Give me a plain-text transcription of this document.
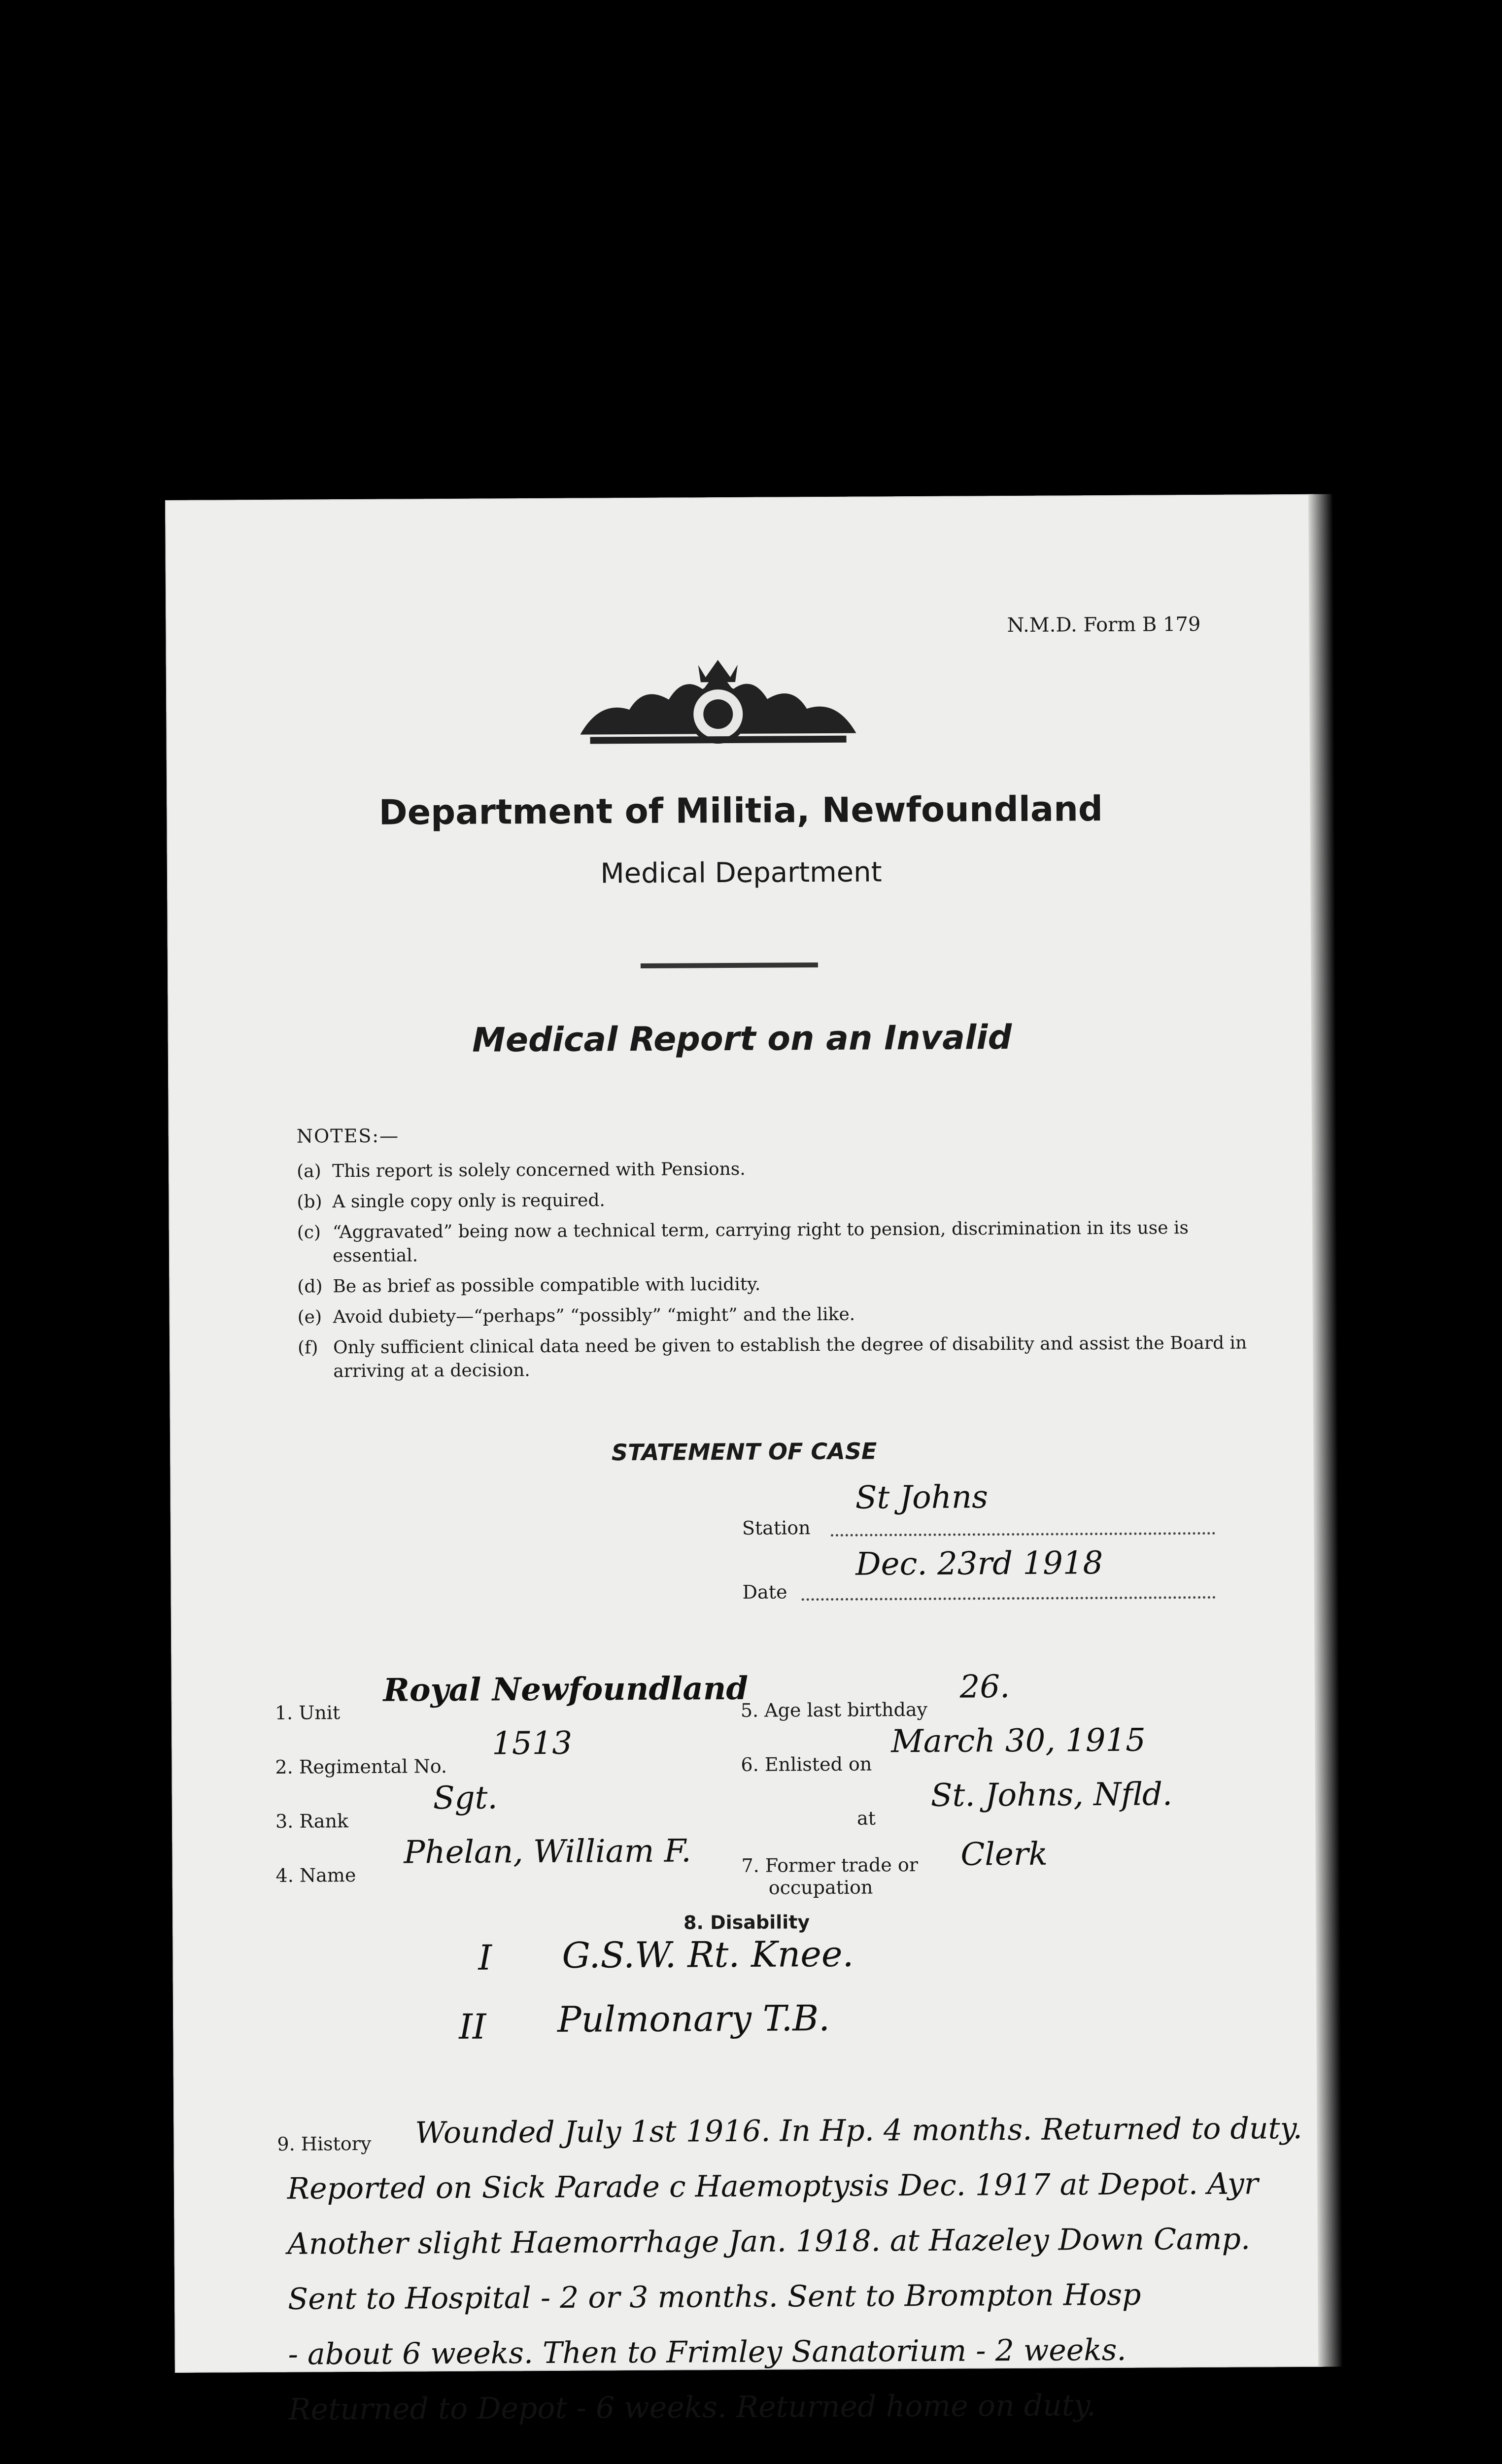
N.M.D. Form B 179
Department of Militia, Newfoundland
Medical Department
Medical Report on an Invalid
NOTES:—
(a) This report is solely concerned with Pensions.
(b) A single copy only is required.
(c) “Aggravated” being now a technical term, carrying right to pension, discrimination in its use is essential.
(d) Be as brief as possible compatible with lucidity.
(e) Avoid dubiety—“perhaps” “possibly” “might” and the like.
(f) Only sufficient clinical data need be given to establish the degree of disability and assist the Board in arriving at a decision.
STATEMENT OF CASE
Station
St Johns
Date
Dec. 23rd 1918
1. Unit
Royal Newfoundland
2. Regimental No.
1513
3. Rank
Sgt.
4. Name
Phelan, William F.
5. Age last birthday
26.
6. Enlisted on
March 30, 1915
at
St. Johns, Nfld.
7. Former trade or
occupation
Clerk
8. Disability
I G.S.W. Rt. Knee.
II Pulmonary T.B.
9. History	Wounded July 1st 1916. In Hp. 4 months. Returned to duty.
Reported on Sick Parade c Haemoptysis Dec. 1917 at Depot. Ayr
Another slight Haemorrhage Jan. 1918. at Hazeley Down Camp.
Sent to Hospital - 2 or 3 months. Sent to Brompton Hosp
- about 6 weeks. Then to Frimley Sanatorium - 2 weeks.
Returned to Depot - 6 weeks. Returned home on duty.
